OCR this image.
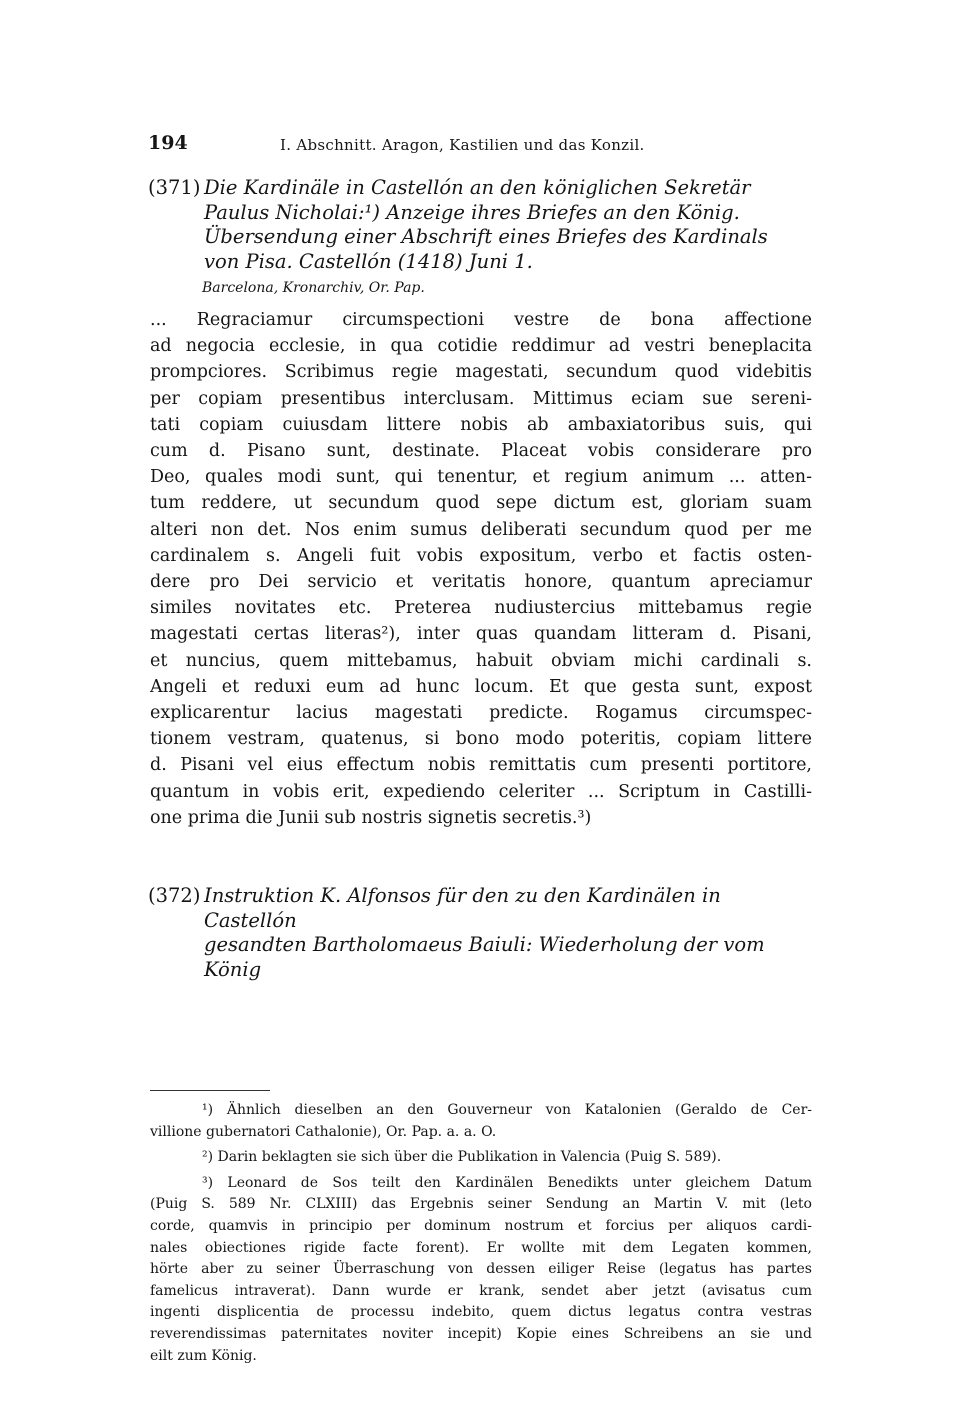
194	I. Abschnitt. Aragon, Kastilien und das Konzil.
(371) Die Kardinäle in Castellón an den königlichen Sekretär
Paulus Nicholai:¹) Anzeige ihres Briefes an den König.
Übersendung einer Abschrift eines Briefes des Kardinals
von Pisa. Castellón (1418) Juni 1.
Barcelona, Kronarchiv, Or. Pap.
... Regraciamur circumspectioni vestre de bona affectione
ad negocia ecclesie, in qua cotidie reddimur ad vestri beneplacita
prompciores. Scribimus regie magestati, secundum quod videbitis
per copiam presentibus interclusam. Mittimus eciam sue sereni-
tati copiam cuiusdam littere nobis ab ambaxiatoribus suis, qui
cum d. Pisano sunt, destinate. Placeat vobis considerare pro
Deo, quales modi sunt, qui tenentur, et regium animum ... atten-
tum reddere, ut secundum quod sepe dictum est, gloriam suam
alteri non det. Nos enim sumus deliberati secundum quod per me
cardinalem s. Angeli fuit vobis expositum, verbo et factis osten-
dere pro Dei servicio et veritatis honore, quantum apreciamur
similes novitates etc. Preterea nudiustercius mittebamus regie
magestati certas literas²), inter quas quandam litteram d. Pisani,
et nuncius, quem mittebamus, habuit obviam michi cardinali s.
Angeli et reduxi eum ad hunc locum. Et que gesta sunt, expost
explicarentur lacius magestati predicte. Rogamus circumspec-
tionem vestram, quatenus, si bono modo poteritis, copiam littere
d. Pisani vel eius effectum nobis remittatis cum presenti portitore,
quantum in vobis erit, expediendo celeriter ... Scriptum in Castilli-
one prima die Junii sub nostris signetis secretis.³)
(372) Instruktion K. Alfonsos für den zu den Kardinälen in Castellón
gesandten Bartholomaeus Baiuli: Wiederholung der vom König
¹) Ähnlich dieselben an den Gouverneur von Katalonien (Geraldo de Cer-
villione gubernatori Cathalonie), Or. Pap. a. a. O.
²) Darin beklagten sie sich über die Publikation in Valencia (Puig S. 589).
³) Leonard de Sos teilt den Kardinälen Benedikts unter gleichem Datum
(Puig S. 589 Nr. CLXIII) das Ergebnis seiner Sendung an Martin V. mit (leto
corde, quamvis in principio per dominum nostrum et forcius per aliquos cardi-
nales obiectiones rigide facte forent). Er wollte mit dem Legaten kommen,
hörte aber zu seiner Überraschung von dessen eiliger Reise (legatus has partes
famelicus intraverat). Dann wurde er krank, sendet aber jetzt (avisatus cum
ingenti displicentia de processu indebito, quem dictus legatus contra vestras
reverendissimas paternitates noviter incepit) Kopie eines Schreibens an sie und
eilt zum König.
